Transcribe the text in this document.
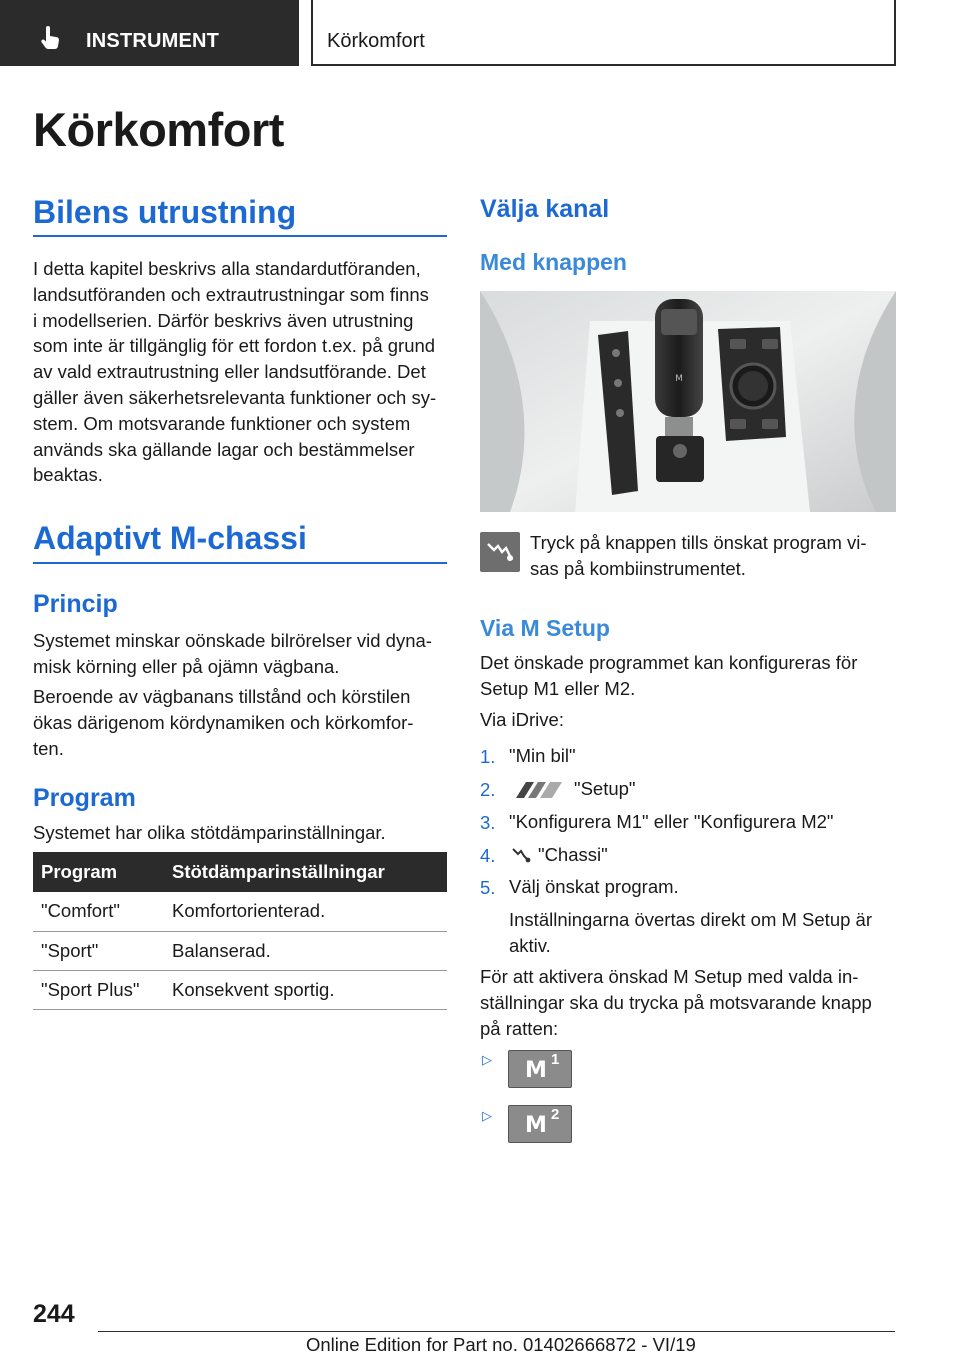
INSTRUMENT	Körkomfort
Körkomfort
Bilens utrustning
I detta kapitel beskrivs alla standardutföranden,
landsutföranden och extrautrustningar som finns
i modellserien. Därför beskrivs även utrustning
som inte är tillgänglig för ett fordon t.ex. på grund
av vald extrautrustning eller landsutförande. Det
gäller även säkerhetsrelevanta funktioner och sy-
stem. Om motsvarande funktioner och system
används ska gällande lagar och bestämmelser
beaktas.
Adaptivt M-chassi
Princip
Systemet minskar oönskade bilrörelser vid dyna-
misk körning eller på ojämn vägbana.
Beroende av vägbanans tillstånd och körstilen
ökas därigenom kördynamiken och körkomfor-
ten.
Program
Systemet har olika stötdämparinställningar.
Program	Stötdämparinställningar
"Comfort"	Komfortorienterad.
"Sport"	Balanserad.
"Sport Plus"	Konsekvent sportig.
Välja kanal
Med knappen
M
Tryck på knappen tills önskat program vi-
sas på kombiinstrumentet.
Via M Setup
Det önskade programmet kan konfigureras för
Setup M1 eller M2.
Via iDrive:
1. "Min bil"
2.	"Setup"
3. "Konfigurera M1" eller "Konfigurera M2"
4. "Chassi"
5. Välj önskat program.
Inställningarna övertas direkt om M Setup är
aktiv.
För att aktivera önskad M Setup med valda in-
ställningar ska du trycka på motsvarande knapp
på ratten:
▷ M 1
▷ M 2
244
Online Edition for Part no. 01402666872 - VI/19
